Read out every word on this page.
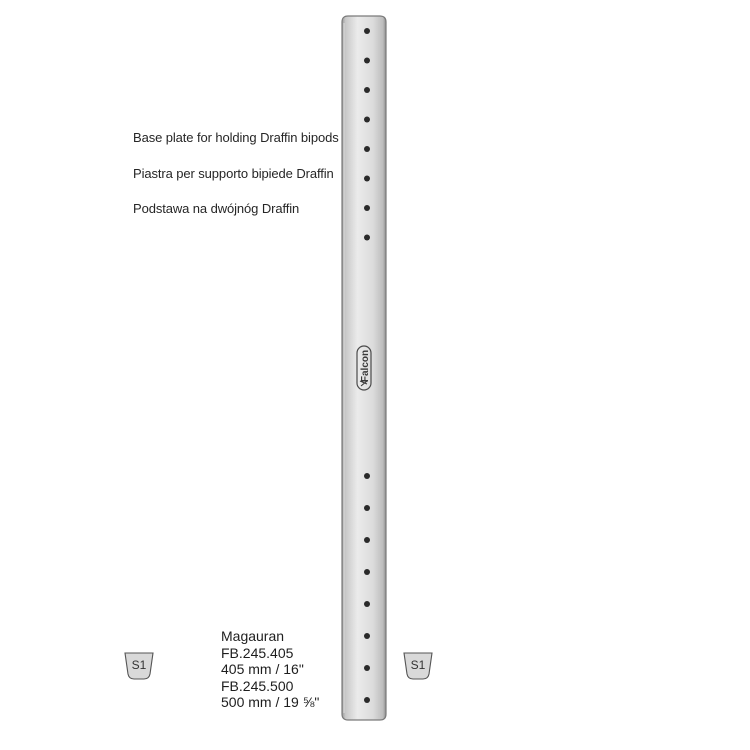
Base plate for holding Draffin bipods
Piastra per supporto bipiede Draffin
Podstawa na dwójnóg Draffin
Falcon
Magauran
FB.245.405
405 mm / 16"
FB.245.500
500 mm / 19 ⅝"
S1	S1
